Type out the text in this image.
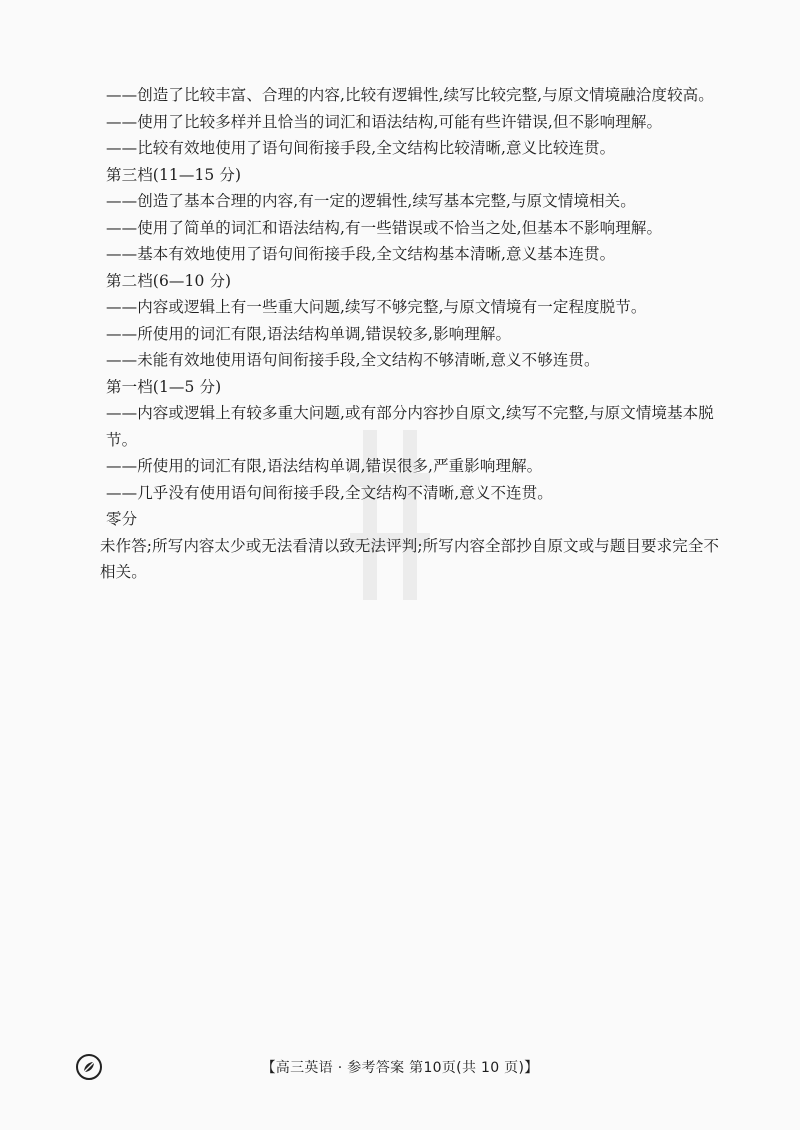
——创造了比较丰富、合理的内容,比较有逻辑性,续写比较完整,与原文情境融洽度较高。
——使用了比较多样并且恰当的词汇和语法结构,可能有些许错误,但不影响理解。
——比较有效地使用了语句间衔接手段,全文结构比较清晰,意义比较连贯。
第三档(11—15 分)
——创造了基本合理的内容,有一定的逻辑性,续写基本完整,与原文情境相关。
——使用了简单的词汇和语法结构,有一些错误或不恰当之处,但基本不影响理解。
——基本有效地使用了语句间衔接手段,全文结构基本清晰,意义基本连贯。
第二档(6—10 分)
——内容或逻辑上有一些重大问题,续写不够完整,与原文情境有一定程度脱节。
——所使用的词汇有限,语法结构单调,错误较多,影响理解。
——未能有效地使用语句间衔接手段,全文结构不够清晰,意义不够连贯。
第一档(1—5 分)
——内容或逻辑上有较多重大问题,或有部分内容抄自原文,续写不完整,与原文情境基本脱节。
——所使用的词汇有限,语法结构单调,错误很多,严重影响理解。
——几乎没有使用语句间衔接手段,全文结构不清晰,意义不连贯。
零分
未作答;所写内容太少或无法看清以致无法评判;所写内容全部抄自原文或与题目要求完全不相关。
【高三英语 · 参考答案 第10页(共 10 页)】
